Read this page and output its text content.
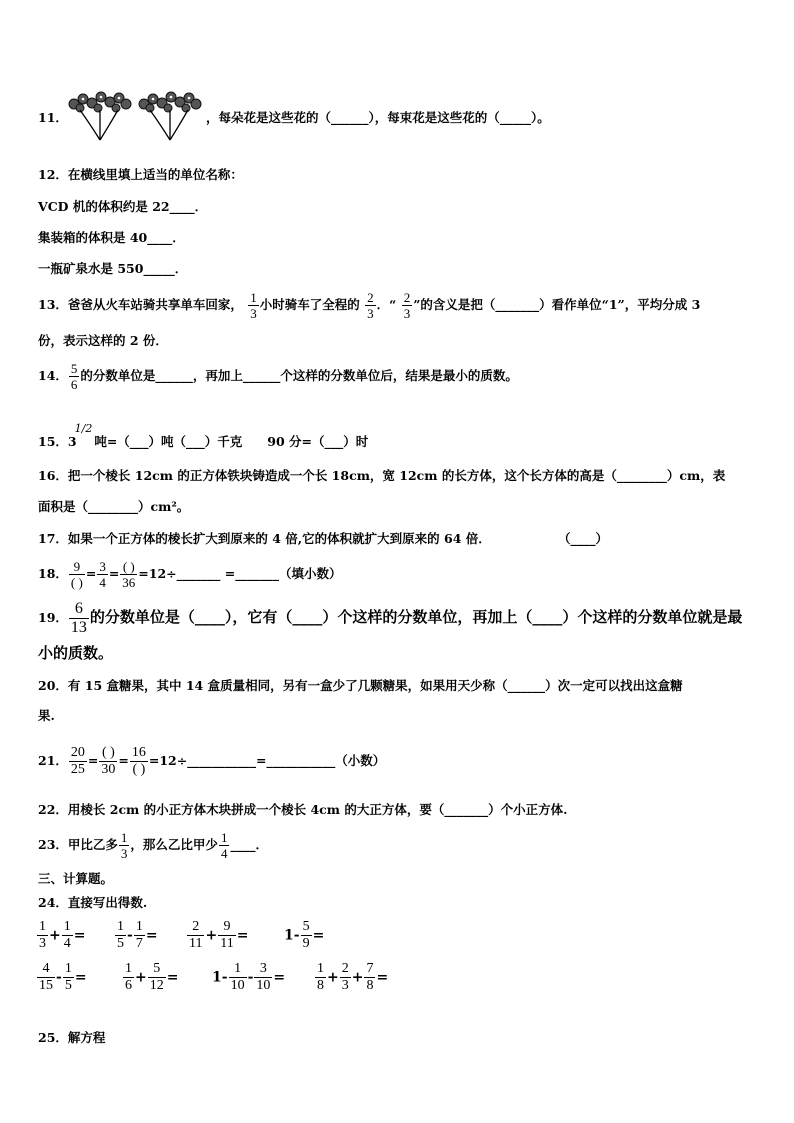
11．	，每朵花是这些花的（______），每束花是这些花的（_____）。
12．在横线里填上适当的单位名称：
VCD 机的体积约是 22____．
集装箱的体积是 40____．
一瓶矿泉水是 550_____．
13．爸爸从火车站骑共享单车回家， $\frac{1}{3}$ 小时骑车了全程的 $\frac{2}{3}$ ．“ $\frac{2}{3}$ ”的含义是把（_______）看作单位“1”，平均分成 3
份，表示这样的 2 份．
14． $\frac{5}{6}$ 的分数单位是______，再加上______个这样的分数单位后，结果是最小的质数。
15．31/2吨=（___）吨（___）千克　　90 分=（___）时
16．把一个棱长 12cm 的正方体铁块铸造成一个长 18cm，宽 12cm 的长方体，这个长方体的高是（________）cm，表
面积是（________）cm²。
17．如果一个正方体的棱长扩大到原来的 4 倍,它的体积就扩大到原来的 64 倍．	（____）
18． $\frac{9}{( )} = \frac{3}{4} = \frac{( )}{36}$ =12÷_______ =_______（填小数）
19． $\frac{6}{13}$ 的分数单位是（____），它有（____）个这样的分数单位，再加上（____）个这样的分数单位就是最
小的质数。
20．有 15 盒糖果，其中 14 盒质量相同，另有一盒少了几颗糖果，如果用天少称（______）次一定可以找出这盒糖
果.
21． $\frac{20}{25} = \frac{( )}{30} = \frac{16}{( )}$ =12÷___________=___________（小数）
22．用棱长 2cm 的小正方体木块拼成一个棱长 4cm 的大正方体，要（_______）个小正方体.
23．甲比乙多 $\frac{1}{3}$ ，那么乙比甲少 $\frac{1}{4}$ ____．
三、计算题。
24．直接写出得数.
25．解方程
$\frac{1}{3} + \frac{1}{4} = \frac{1}{5} - \frac{1}{7} = \frac{2}{11} + \frac{9}{11}$ =	$1- \frac{5}{9}$ =
$\frac{4}{15} - \frac{1}{5}$ =	$\frac{1}{6} + \frac{5}{12} = 1- \frac{1}{10} - \frac{3}{10} = \frac{1}{8} + \frac{2}{3} + \frac{7}{8}$ =
